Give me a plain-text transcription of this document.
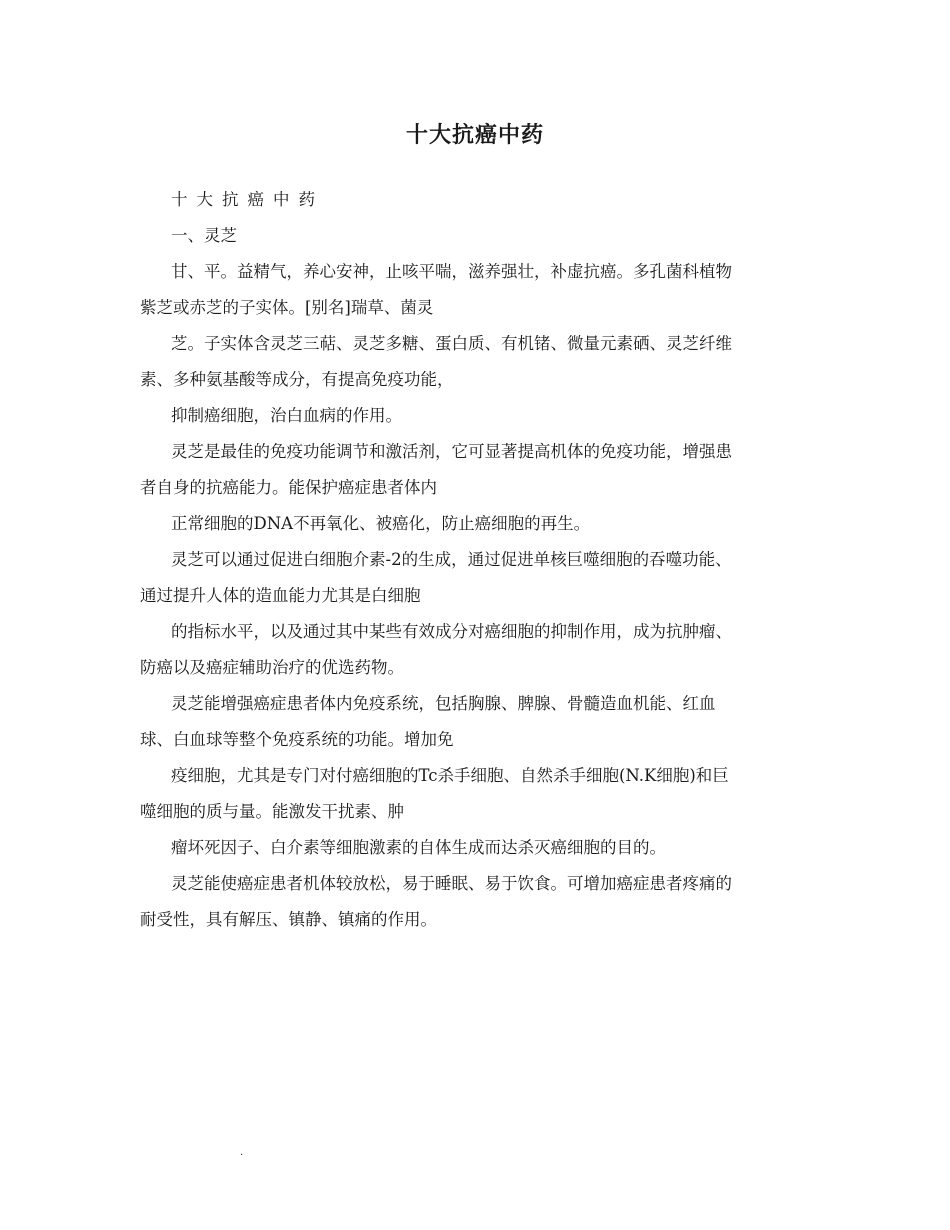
十大抗癌中药

十大抗癌中药

一、灵芝

甘、平。益精气，养心安神，止咳平喘，滋养强壮，补虚抗癌。多孔菌科植物

紫芝或赤芝的子实体。[别名]瑞草、菌灵

芝。子实体含灵芝三萜、灵芝多糖、蛋白质、有机锗、微量元素硒、灵芝纤维

素、多种氨基酸等成分，有提高免疫功能，

抑制癌细胞，治白血病的作用。

灵芝是最佳的免疫功能调节和激活剂，它可显著提高机体的免疫功能，增强患

者自身的抗癌能力。能保护癌症患者体内

正常细胞的DNA不再氧化、被癌化，防止癌细胞的再生。

灵芝可以通过促进白细胞介素-2的生成，通过促进单核巨噬细胞的吞噬功能、

通过提升人体的造血能力尤其是白细胞

的指标水平，以及通过其中某些有效成分对癌细胞的抑制作用，成为抗肿瘤、

防癌以及癌症辅助治疗的优选药物。

灵芝能增强癌症患者体内免疫系统，包括胸腺、脾腺、骨髓造血机能、红血

球、白血球等整个免疫系统的功能。增加免

疫细胞，尤其是专门对付癌细胞的Tc杀手细胞、自然杀手细胞(N.K细胞)和巨

噬细胞的质与量。能激发干扰素、肿

瘤坏死因子、白介素等细胞激素的自体生成而达杀灭癌细胞的目的。

灵芝能使癌症患者机体较放松，易于睡眠、易于饮食。可增加癌症患者疼痛的

耐受性，具有解压、镇静、镇痛的作用。

.
